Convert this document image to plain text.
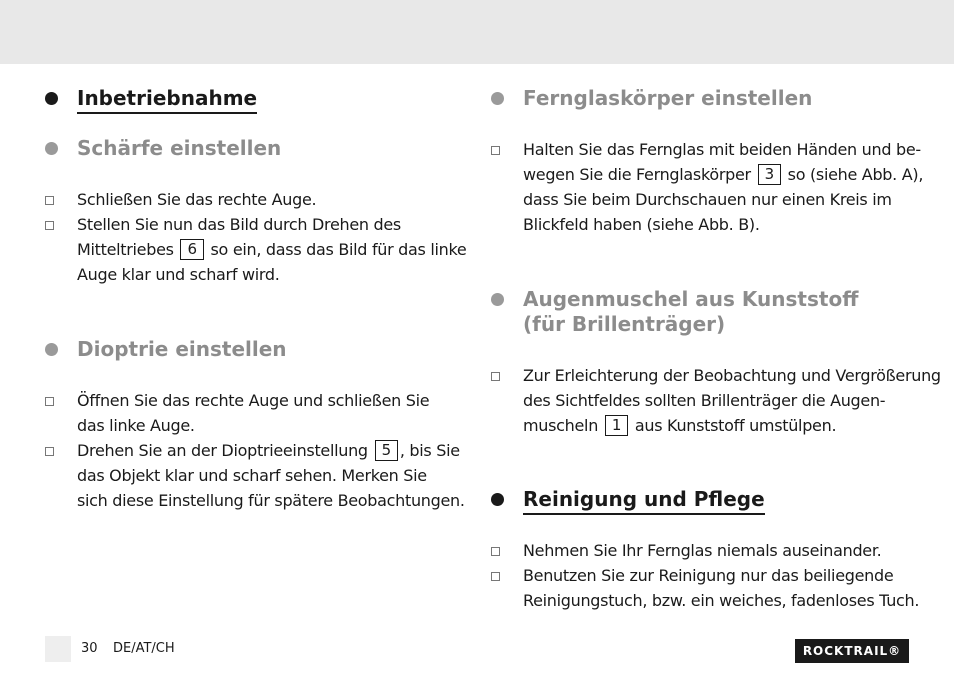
Inbetriebnahme
Schärfe einstellen
Schließen Sie das rechte Auge.
Stellen Sie nun das Bild durch Drehen des
Mitteltriebes 6 so ein, dass das Bild für das linke
Auge klar und scharf wird.
Dioptrie einstellen
Öffnen Sie das rechte Auge und schließen Sie
das linke Auge.
Drehen Sie an der Dioptrieeinstellung 5 , bis Sie
das Objekt klar und scharf sehen. Merken Sie
sich diese Einstellung für spätere Beobachtungen.
Fernglaskörper einstellen
Halten Sie das Fernglas mit beiden Händen und be-
wegen Sie die Fernglaskörper 3 so (siehe Abb. A),
dass Sie beim Durchschauen nur einen Kreis im
Blickfeld haben (siehe Abb. B).
Augenmuschel aus Kunststoff
(für Brillenträger)
Zur Erleichterung der Beobachtung und Vergrößerung
des Sichtfeldes sollten Brillenträger die Augen-
muscheln 1 aus Kunststoff umstülpen.
Reinigung und Pflege
Nehmen Sie Ihr Fernglas niemals auseinander.
Benutzen Sie zur Reinigung nur das beiliegende
Reinigungstuch, bzw. ein weiches, fadenloses Tuch.
30 DE/AT/CH	ROCKTRAIL®
